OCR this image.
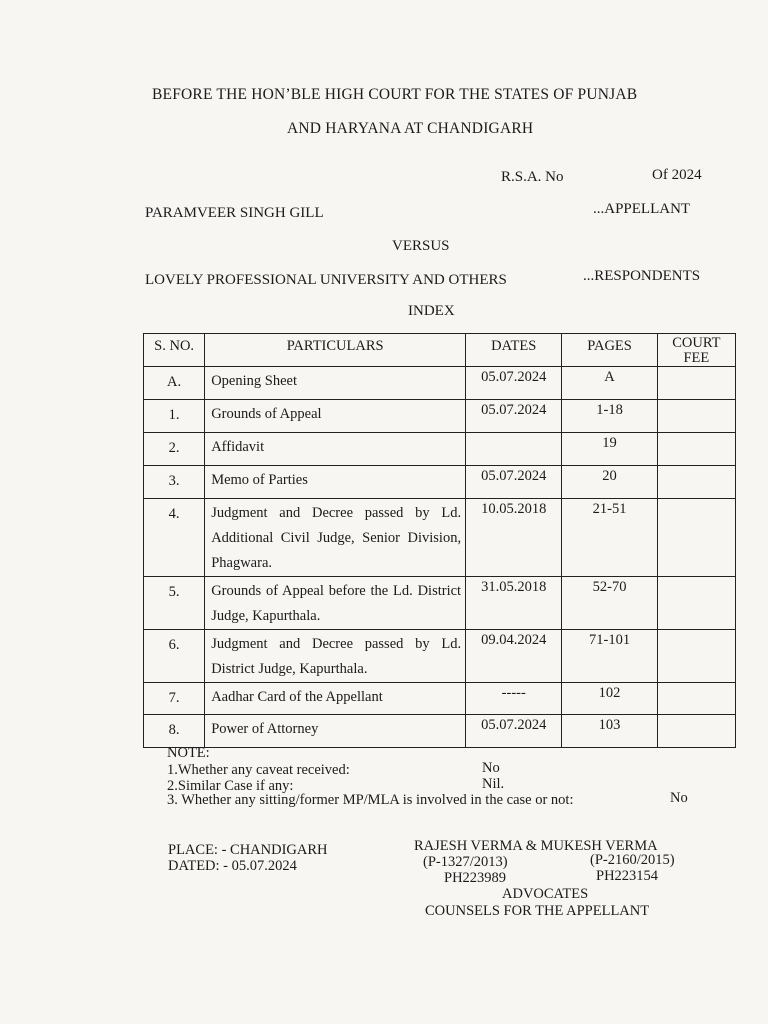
BEFORE THE HON’BLE HIGH COURT FOR THE STATES OF PUNJAB
AND HARYANA AT CHANDIGARH
R.S.A. No	Of 2024
PARAMVEER SINGH GILL	...APPELLANT
VERSUS
LOVELY PROFESSIONAL UNIVERSITY AND OTHERS	...RESPONDENTS
INDEX
S. NO.	PARTICULARS	DATES	PAGES	COURT
FEE

A.	Opening Sheet	05.07.2024	A	
1.	Grounds of Appeal	05.07.2024	1-18	
2.	Affidavit		19	
3.	Memo of Parties	05.07.2024	20	
4.	Judgment and Decree passed by Ld. Additional Civil Judge, Senior Division, Phagwara.	10.05.2018	21-51	
5.	Grounds of Appeal before the Ld. District Judge, Kapurthala.	31.05.2018	52-70	
6.	Judgment and Decree passed by Ld. District Judge, Kapurthala.	09.04.2024	71-101	
7.	Aadhar Card of the Appellant	-----	102	
8.	Power of Attorney	05.07.2024	103	
NOTE:
1.Whether any caveat received:	No
2.Similar Case if any:	Nil.
3. Whether any sitting/former MP/MLA is involved in the case or not:	No
PLACE: - CHANDIGARH
DATED: - 05.07.2024
RAJESH VERMA & MUKESH VERMA
(P-1327/2013)	(P-2160/2015)
PH223989	PH223154
ADVOCATES
COUNSELS FOR THE APPELLANT
